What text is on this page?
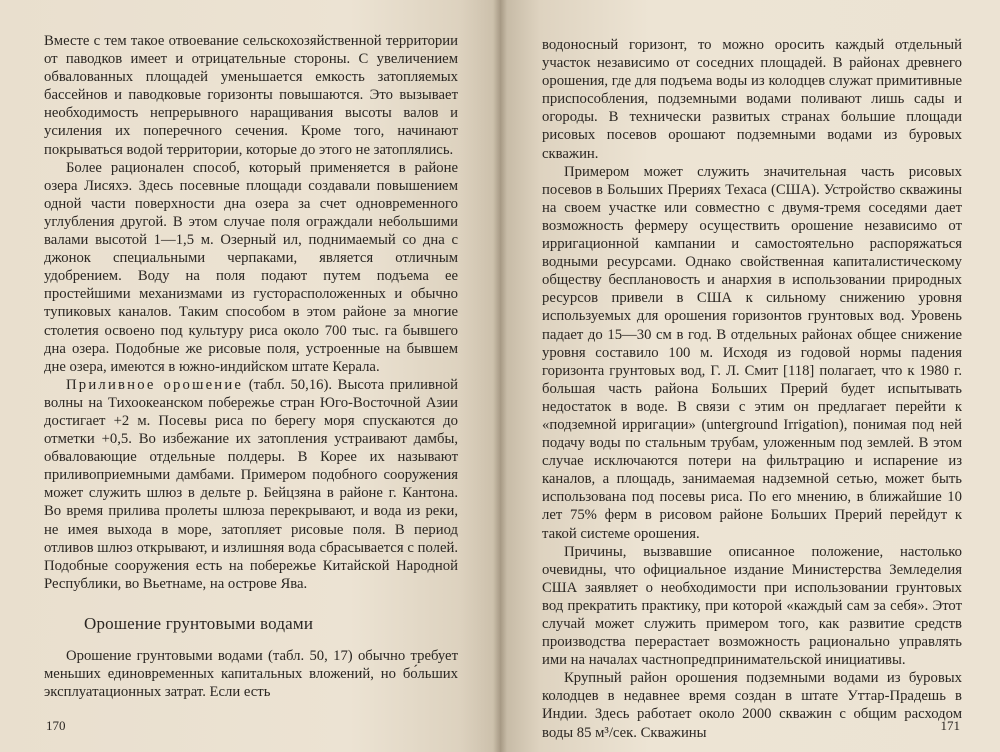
Вместе с тем такое отвоевание сельскохозяйственной территории от паводков имеет и отрицательные стороны. С увеличением обвалованных площадей уменьшается емкость затопляемых бассейнов и паводковые горизонты повышаются. Это вызывает необходимость непрерывного наращивания высоты валов и усиления их поперечного сечения. Кроме того, начинают покрываться водой территории, которые до этого не затоплялись.

Более рационален способ, который применяется в районе озера Лисяхэ. Здесь посевные площади создавали повышением одной части поверхности дна озера за счет одновременного углубления другой. В этом случае поля ограждали небольшими валами высотой 1—1,5 м. Озерный ил, поднимаемый со дна с джонок специальными черпаками, является отличным удобрением. Воду на поля подают путем подъема ее простейшими механизмами из густорасположенных и обычно тупиковых каналов. Таким способом в этом районе за многие столетия освоено под культуру риса около 700 тыс. га бывшего дна озера. Подобные же рисовые поля, устроенные на бывшем дне озера, имеются в южно-индийском штате Керала.

Приливное орошение (табл. 50,16). Высота приливной волны на Тихоокеанском побережье стран Юго-Восточной Азии достигает +2 м. Посевы риса по берегу моря спускаются до отметки +0,5. Во избежание их затопления устраивают дамбы, обваловающие отдельные полдеры. В Корее их называют приливоприемными дамбами. Примером подобного сооружения может служить шлюз в дельте р. Бейцзяна в районе г. Кантона. Во время прилива пролеты шлюза перекрывают, и вода из реки, не имея выхода в море, затопляет рисовые поля. В период отливов шлюз открывают, и излишняя вода сбрасывается с полей. Подобные сооружения есть на побережье Китайской Народной Республики, во Вьетнаме, на острове Ява.

Орошение грунтовыми водами

Орошение грунтовыми водами (табл. 50, 17) обычно требует меньших единовременных капитальных вложений, но бо́льших эксплуатационных затрат. Если есть

170

водоносный горизонт, то можно оросить каждый отдельный участок независимо от соседних площадей. В районах древнего орошения, где для подъема воды из колодцев служат примитивные приспособления, подземными водами поливают лишь сады и огороды. В технически развитых странах большие площади рисовых посевов орошают подземными водами из буровых скважин.

Примером может служить значительная часть рисовых посевов в Больших Прериях Техаса (США). Устройство скважины на своем участке или совместно с двумя-тремя соседями дает возможность фермеру осуществить орошение независимо от ирригационной кампании и самостоятельно распоряжаться водными ресурсами. Однако свойственная капиталистическому обществу бесплановость и анархия в использовании природных ресурсов привели в США к сильному снижению уровня используемых для орошения горизонтов грунтовых вод. Уровень падает до 15—30 см в год. В отдельных районах общее снижение уровня составило 100 м. Исходя из годовой нормы падения горизонта грунтовых вод, Г. Л. Смит [118] полагает, что к 1980 г. большая часть района Больших Прерий будет испытывать недостаток в воде. В связи с этим он предлагает перейти к «подземной ирригации» (unterground Irrigation), понимая под ней подачу воды по стальным трубам, уложенным под землей. В этом случае исключаются потери на фильтрацию и испарение из каналов, а площадь, занимаемая надземной сетью, может быть использована под посевы риса. По его мнению, в ближайшие 10 лет 75% ферм в рисовом районе Больших Прерий перейдут к такой системе орошения.

Причины, вызвавшие описанное положение, настолько очевидны, что официальное издание Министерства Земледелия США заявляет о необходимости при использовании грунтовых вод прекратить практику, при которой «каждый сам за себя». Этот случай может служить примером того, как развитие средств производства перерастает возможность рационально управлять ими на началах частнопредпринимательской инициативы.

Крупный район орошения подземными водами из буровых колодцев в недавнее время создан в штате Уттар-Прадешь в Индии. Здесь работает около 2000 скважин с общим расходом воды 85 м³/сек. Скважины	171
